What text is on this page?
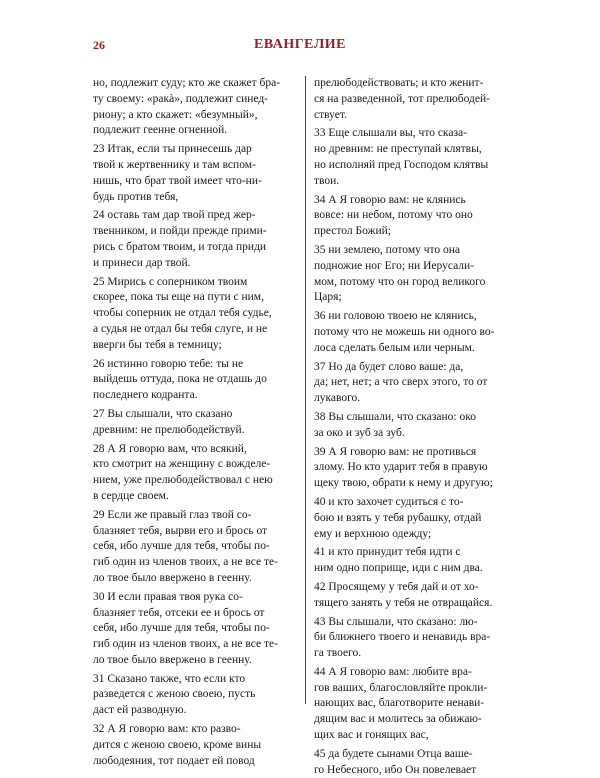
26	ЕВАНГЕЛИЕ
но, подлежит суду; кто же скажет бра-
ту своему: «ракà», подлежит синед-
риону; а кто скажет: «безумный»,
подлежит геенне огненной.
23 Итак, если ты принесешь дар
твой к жертвеннику и там вспом-
нишь, что брат твой имеет что-ни-
будь против тебя,
24 оставь там дар твой пред жер-
твенником, и пойди прежде прими-
рись с братом твоим, и тогда приди
и принеси дар твой.
25 Мирись с соперником твоим
скорее, пока ты еще на пути с ним,
чтобы соперник не отдал тебя судье,
а судья не отдал бы тебя слуге, и не
вверги бы тебя в темницу;
26 истинно говорю тебе: ты не
выйдешь оттуда, пока не отдашь до
последнего кодранта.
27 Вы слышали, что сказано
древним: не прелюбодействуй.
28 А Я говорю вам, что всякий,
кто смотрит на женщину с вожделе-
нием, уже прелюбодействовал с нею
в сердце своем.
29 Если же правый глаз твой со-
блазняет тебя, вырви его и брось от
себя, ибо лучше для тебя, чтобы по-
гиб один из членов твоих, а не все те-
ло твое было ввержено в геенну.
30 И если правая твоя рука со-
блазняет тебя, отсеки ее и брось от
себя, ибо лучше для тебя, чтобы по-
гиб один из членов твоих, а не все те-
ло твое было ввержено в геенну.
31 Сказано также, что если кто
разведется с женою своею, пусть
даст ей разводную.
32 А Я говорю вам: кто разво-
дится с женою своею, кроме вины
любодеяния, тот подает ей повод
прелюбодействовать; и кто женит-
ся на разведенной, тот прелюбодей-
ствует.
33 Еще слышали вы, что сказа-
но древним: не преступай клятвы,
но исполняй пред Господом клятвы
твои.
34 А Я говорю вам: не клянись
вовсе: ни небом, потому что оно
престол Божий;
35 ни землею, потому что она
подножие ног Его; ни Иерусали-
мом, потому что он город великого
Царя;
36 ни головою твоею не клянись,
потому что не можешь ни одного во-
лоса сделать белым или черным.
37 Но да будет слово ваше: да,
да; нет, нет; а что сверх этого, то от
лукавого.
38 Вы слышали, что сказано: око
за око и зуб за зуб.
39 А Я говорю вам: не противься
злому. Но кто ударит тебя в правую
щеку твою, обрати к нему и другую;
40 и кто захочет судиться с то-
бою и взять у тебя рубашку, отдай
ему и верхнюю одежду;
41 и кто принудит тебя идти с
ним одно поприще, иди с ним два.
42 Просящему у тебя дай и от хо-
тящего занять у тебя не отвращайся.
43 Вы слышали, что сказано: лю-
би ближнего твоего и ненавидь вра-
га твоего.
44 А Я говорю вам: любите вра-
гов ваших, благословляйте прокли-
нающих вас, благотворите ненави-
дящим вас и молитесь за обижаю-
щих вас и гонящих вас,
45 да будете сынами Отца ваше-
го Небесного, ибо Он повелевает
